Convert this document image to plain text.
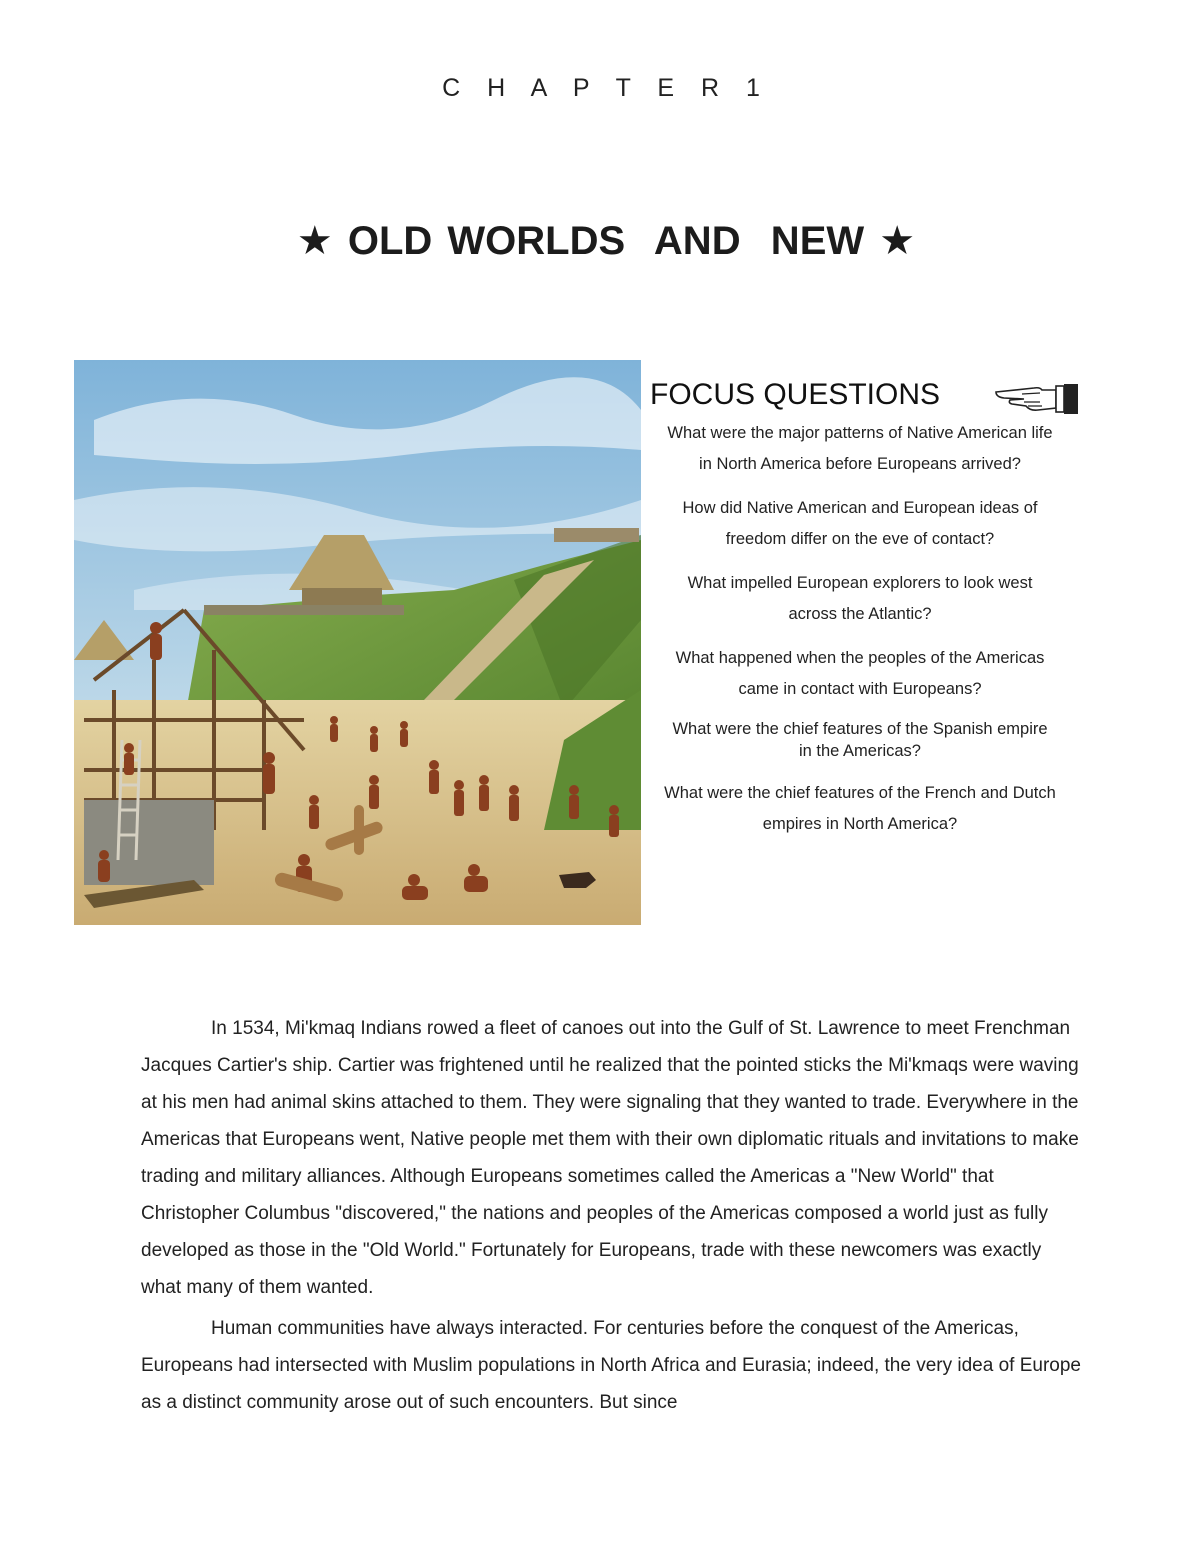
C H A P T E R 1
★ OLD WORLDS  AND  NEW ★
FOCUS QUESTIONS
What were the major patterns of Native American life
in North America before Europeans arrived?
How did Native American and European ideas of
freedom differ on the eve of contact?
What impelled European explorers to look west
across the Atlantic?
What happened when the peoples of the Americas
came in contact with Europeans?
What were the chief features of the Spanish empire
in the Americas?
What were the chief features of the French and Dutch
empires in North America?

In 1534, Mi'kmaq Indians rowed a fleet of canoes out into the Gulf of St. Lawrence to meet Frenchman Jacques Cartier's ship. Cartier was frightened until he realized that the pointed sticks the Mi'kmaqs were waving at his men had animal skins attached to them. They were signaling that they wanted to trade. Everywhere in the Americas that Europeans went, Native people met them with their own diplomatic rituals and invitations to make trading and military alliances. Although Europeans sometimes called the Americas a "New World" that Christopher Columbus "discovered," the nations and peoples of the Americas composed a world just as fully developed as those in the "Old World." Fortunately for Europeans, trade with these newcomers was exactly what many of them wanted.

Human communities have always interacted. For centuries before the conquest of the Americas, Europeans had intersected with Muslim populations in North Africa and Eurasia; indeed, the very idea of Europe as a distinct community arose out of such encounters. But since
